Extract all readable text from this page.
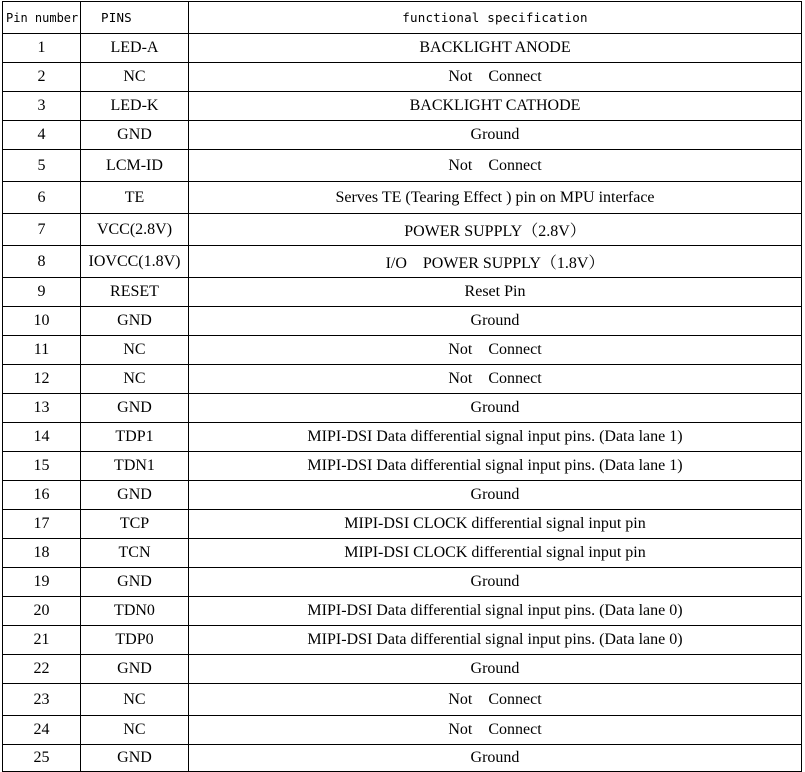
Pin number	PINS	functional specification
1	LED-A	BACKLIGHT ANODE
2	NC	Not    Connect
3	LED-K	BACKLIGHT CATHODE
4	GND	Ground
5	LCM-ID	Not    Connect
6	TE	Serves TE (Tearing Effect ) pin on MPU interface
7	VCC(2.8V)	POWER SUPPLY（2.8V）
8	IOVCC(1.8V)	I/O    POWER SUPPLY（1.8V）
9	RESET	Reset Pin
10	GND	Ground
11	NC	Not    Connect
12	NC	Not    Connect
13	GND	Ground
14	TDP1	MIPI-DSI Data differential signal input pins. (Data lane 1)
15	TDN1	MIPI-DSI Data differential signal input pins. (Data lane 1)
16	GND	Ground
17	TCP	MIPI-DSI CLOCK differential signal input pin
18	TCN	MIPI-DSI CLOCK differential signal input pin
19	GND	Ground
20	TDN0	MIPI-DSI Data differential signal input pins. (Data lane 0)
21	TDP0	MIPI-DSI Data differential signal input pins. (Data lane 0)
22	GND	Ground
23	NC	Not    Connect
24	NC	Not    Connect
25	GND	Ground
